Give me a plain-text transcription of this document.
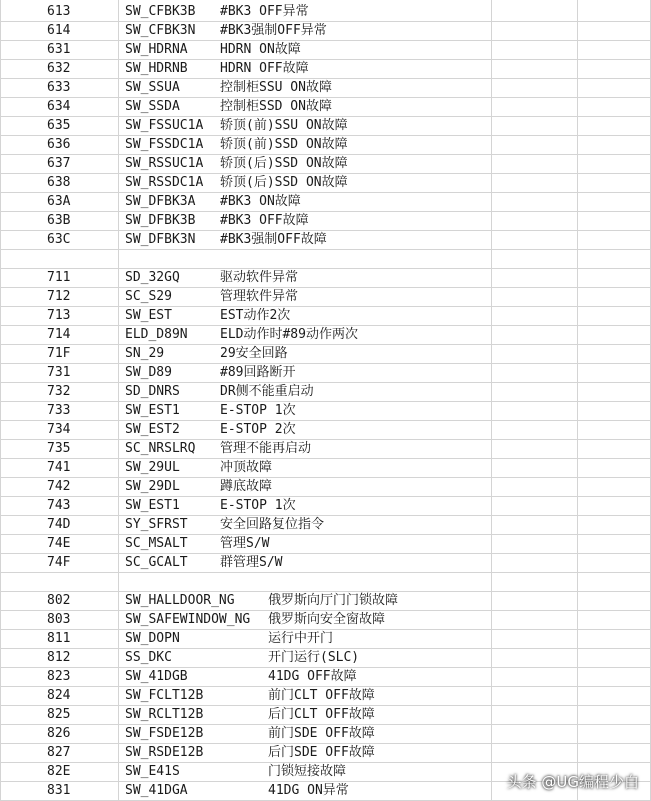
613	SW_CFBK3B #BK3 OFF异常
614	SW_CFBK3N #BK3强制OFF异常
631	SW_HDRNA HDRN ON故障
632	SW_HDRNB HDRN OFF故障
633	SW_SSUA	控制柜SSU ON故障
634	SW_SSDA	控制柜SSD ON故障
635	SW_FSSUC1A 轿顶(前)SSU ON故障
636	SW_FSSDC1A 轿顶(前)SSD ON故障
637	SW_RSSUC1A 轿顶(后)SSD ON故障
638	SW_RSSDC1A 轿顶(后)SSD ON故障
63A	SW_DFBK3A #BK3 ON故障
63B	SW_DFBK3B #BK3 OFF故障
63C	SW_DFBK3N #BK3强制OFF故障
711	SD_32GQ	驱动软件异常
712	SC_S29	管理软件异常
713	SW_EST	EST动作2次
714	ELD_D89N ELD动作时#89动作两次
71F	SN_29	29安全回路
731	SW_D89	#89回路断开
732	SD_DNRS	DR侧不能重启动
733	SW_EST1	E-STOP 1次
734	SW_EST2	E-STOP 2次
735	SC_NRSLRQ 管理不能再启动
741	SW_29UL	冲顶故障
742	SW_29DL	蹲底故障
743	SW_EST1	E-STOP 1次
74D	SY_SFRST 安全回路复位指令
74E	SC_MSALT 管理S/W
74F	SC_GCALT 群管理S/W
802	SW_HALLDOOR_NG	俄罗斯向厅门门锁故障
803	SW_SAFEWINDOW_NG 俄罗斯向安全窗故障
811	SW_DOPN	运行中开门
812	SS_DKC	开门运行(SLC)
823	SW_41DGB	41DG OFF故障
824	SW_FCLT12B	前门CLT OFF故障
825	SW_RCLT12B	后门CLT OFF故障
826	SW_FSDE12B	前门SDE OFF故障
827	SW_RSDE12B	后门SDE OFF故障
82E	SW_E41S	门锁短接故障
831	SW_41DGA	41DG ON异常	头条 @UG编程少白
